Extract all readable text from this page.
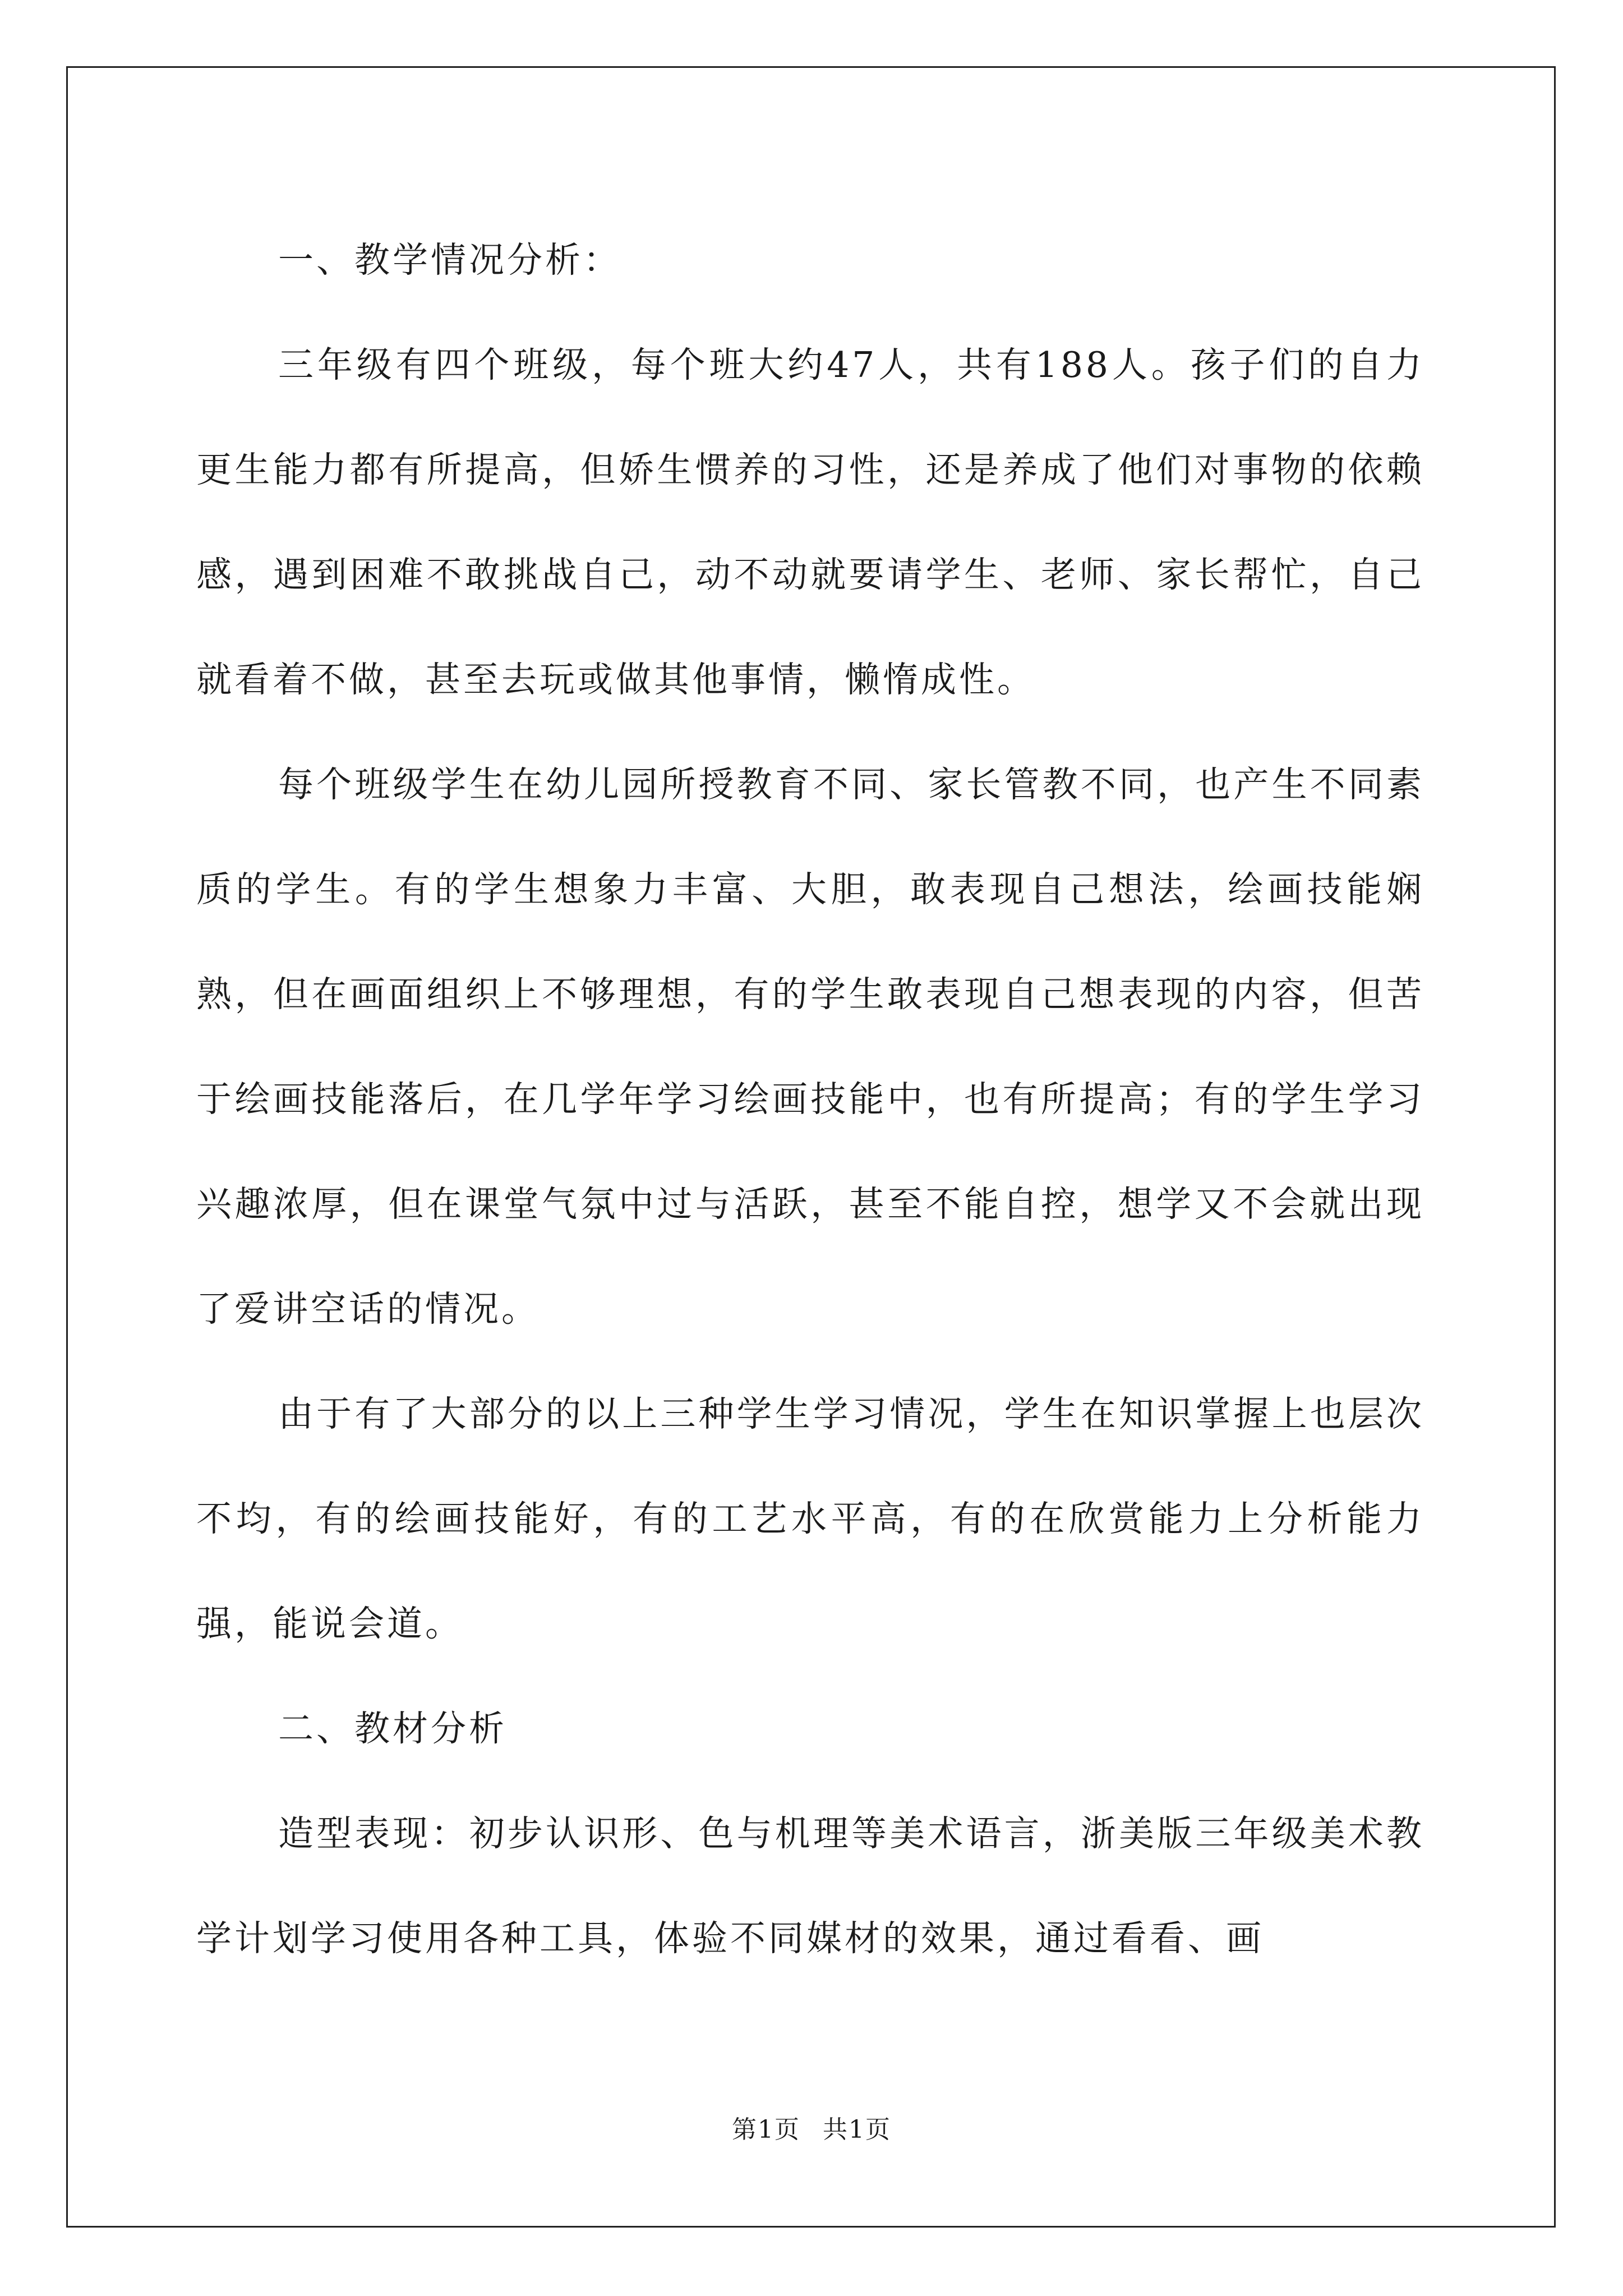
一、教学情况分析：

三年级有四个班级，每个班大约47人，共有188人。孩子们的自力更生能力都有所提高，但娇生惯养的习性，还是养成了他们对事物的依赖感，遇到困难不敢挑战自己，动不动就要请学生、老师、家长帮忙，自己就看着不做，甚至去玩或做其他事情，懒惰成性。

每个班级学生在幼儿园所授教育不同、家长管教不同，也产生不同素质的学生。有的学生想象力丰富、大胆，敢表现自己想法，绘画技能娴熟，但在画面组织上不够理想，有的学生敢表现自己想表现的内容，但苦于绘画技能落后，在几学年学习绘画技能中，也有所提高；有的学生学习兴趣浓厚，但在课堂气氛中过与活跃，甚至不能自控，想学又不会就出现了爱讲空话的情况。

由于有了大部分的以上三种学生学习情况，学生在知识掌握上也层次不均，有的绘画技能好，有的工艺水平高，有的在欣赏能力上分析能力强，能说会道。

二、教材分析

造型表现：初步认识形、色与机理等美术语言，浙美版三年级美术教学计划学习使用各种工具，体验不同媒材的效果，通过看看、画

第1页 共1页
